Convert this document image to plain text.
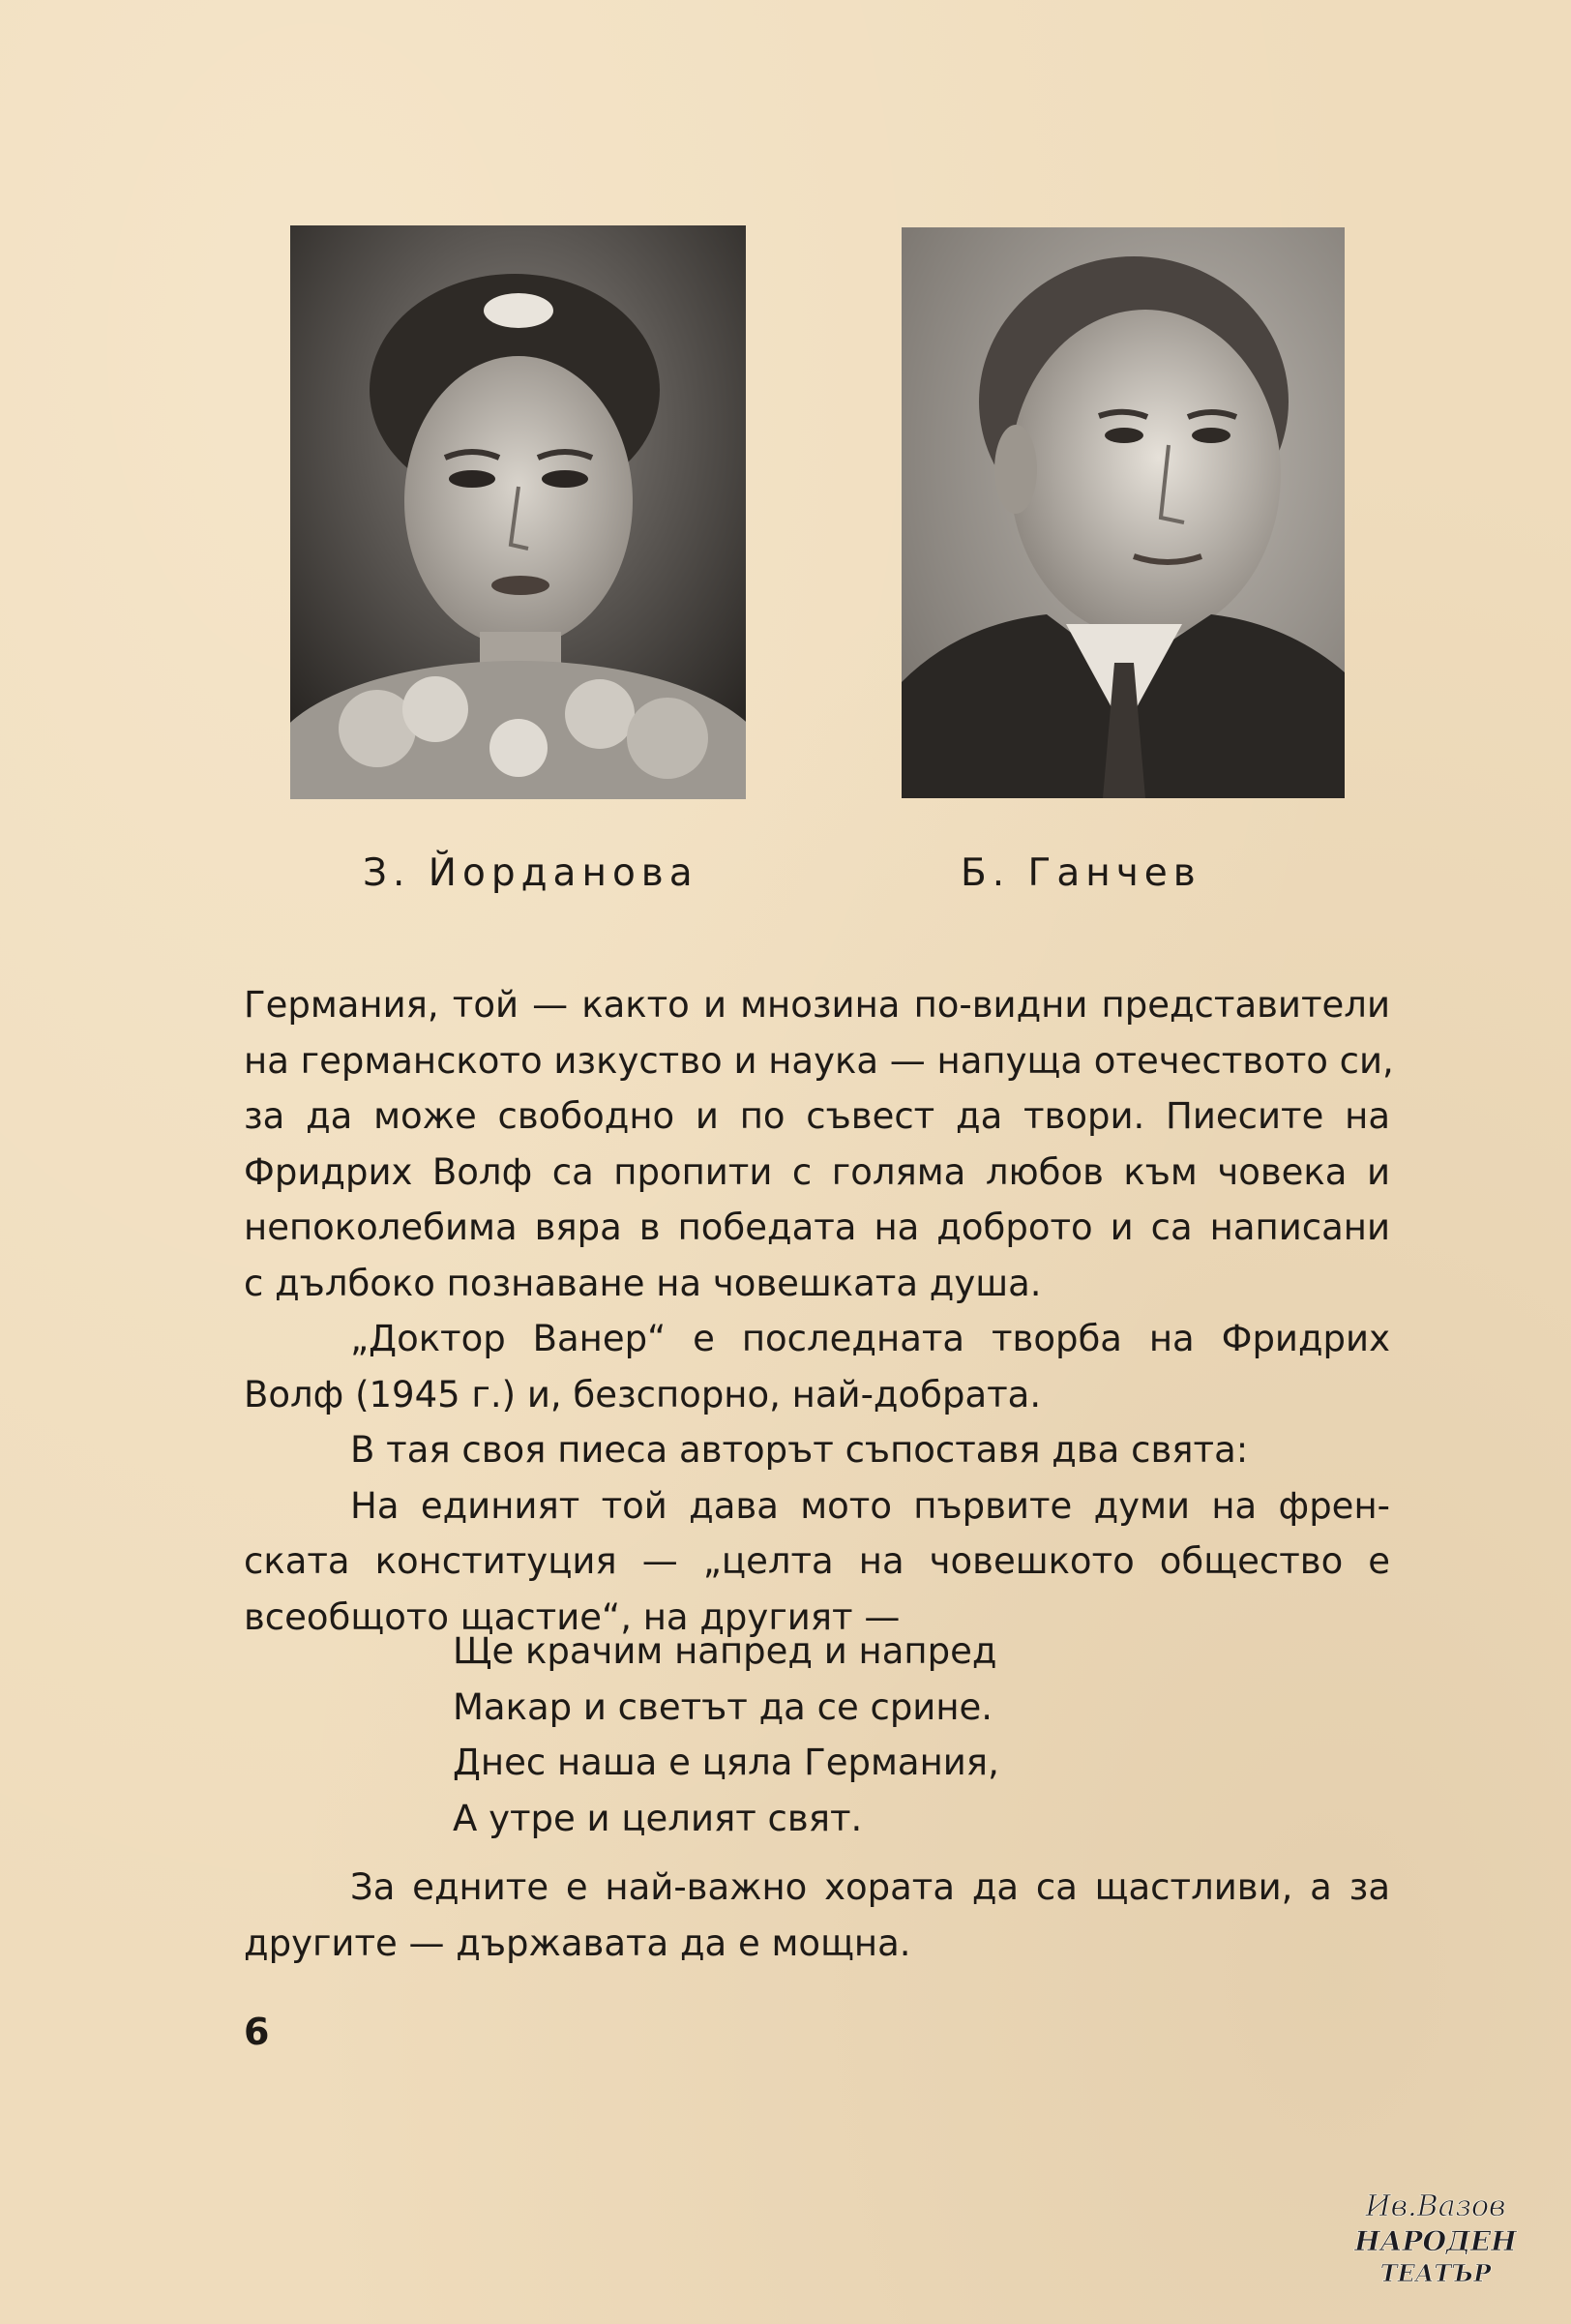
З. Йорданова	Б. Ганчев
Германия, той — както и мнозина по-видни представители
на германското изкуство и наука — напуща отечеството си,
за да може свободно и по съвест да твори. Пиесите на
Фридрих Волф са пропити с голяма любов към човека и
непоколебима вяра в победата на доброто и са написани
с дълбоко познаване на човешката душа.
„Доктор Ванер“ е последната творба на Фридрих
Волф (1945 г.) и, безспорно, най-добрата.
В тая своя пиеса авторът съпоставя два свята:
На единият той дава мото първите думи на френ-
ската конституция — „целта на човешкото общество е
всеобщото щастие“, на другият —
Ще крачим напред и напред
Макар и светът да се срине.
Днес наша е цяла Германия,
А утре и целият свят.
За едните е най-важно хората да са щастливи, а за
другите — държавата да е мощна.
6
Ив.Вазов
НАРОДЕН
ТЕАТЪР
